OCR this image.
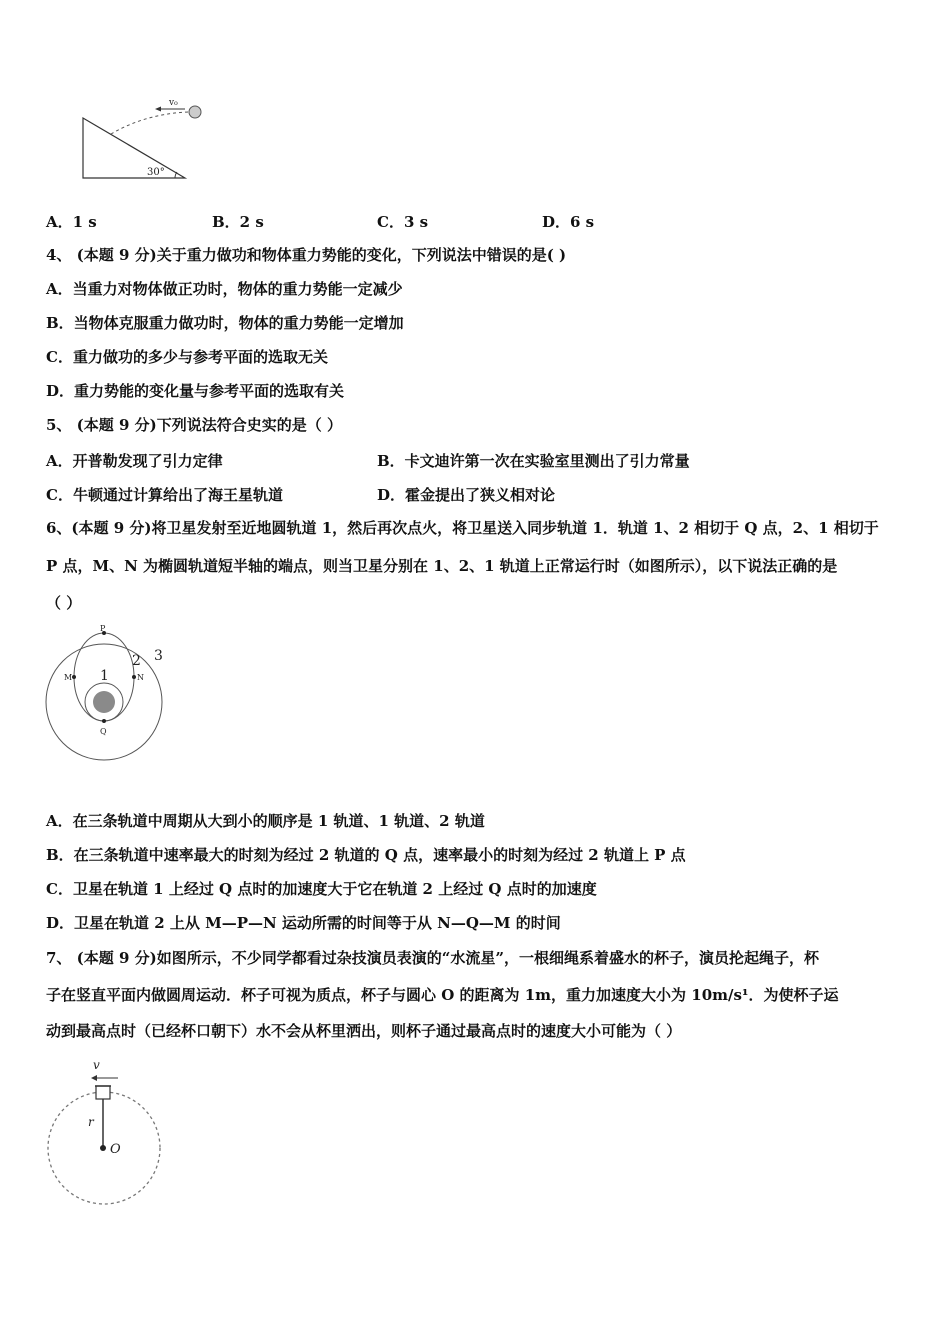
v₀
30°
A．1 s	B．2 s	C．3 s	D．6 s
4、 (本题 9 分)关于重力做功和物体重力势能的变化，下列说法中错误的是( )
A．当重力对物体做正功时，物体的重力势能一定减少
B．当物体克服重力做功时，物体的重力势能一定增加
C．重力做功的多少与参考平面的选取无关
D．重力势能的变化量与参考平面的选取有关
5、 (本题 9 分)下列说法符合史实的是（ ）
A．开普勒发现了引力定律	B．卡文迪许第一次在实验室里测出了引力常量
C．牛顿通过计算给出了海王星轨道	D．霍金提出了狭义相对论
6、(本题 9 分)将卫星发射至近地圆轨道 1，然后再次点火，将卫星送入同步轨道 1．轨道 1、2 相切于 Q 点，2、1 相切于
P 点，M、N 为椭圆轨道短半轴的端点，则当卫星分别在 1、2、1 轨道上正常运行时（如图所示），以下说法正确的是
（ ）
P
Q
M	N
1
2 3
A．在三条轨道中周期从大到小的顺序是 1 轨道、1 轨道、2 轨道
B．在三条轨道中速率最大的时刻为经过 2 轨道的 Q 点，速率最小的时刻为经过 2 轨道上 P 点
C．卫星在轨道 1 上经过 Q 点时的加速度大于它在轨道 2 上经过 Q 点时的加速度
D．卫星在轨道 2 上从 M—P—N 运动所需的时间等于从 N—Q—M 的时间
7、 (本题 9 分)如图所示，不少同学都看过杂技演员表演的“水流星”，一根细绳系着盛水的杯子，演员抡起绳子，杯
子在竖直平面内做圆周运动．杯子可视为质点，杯子与圆心 O 的距离为 1m，重力加速度大小为 10m/s¹．为使杯子运
动到最高点时（已经杯口朝下）水不会从杯里洒出，则杯子通过最高点时的速度大小可能为（ ）
v
r
O
